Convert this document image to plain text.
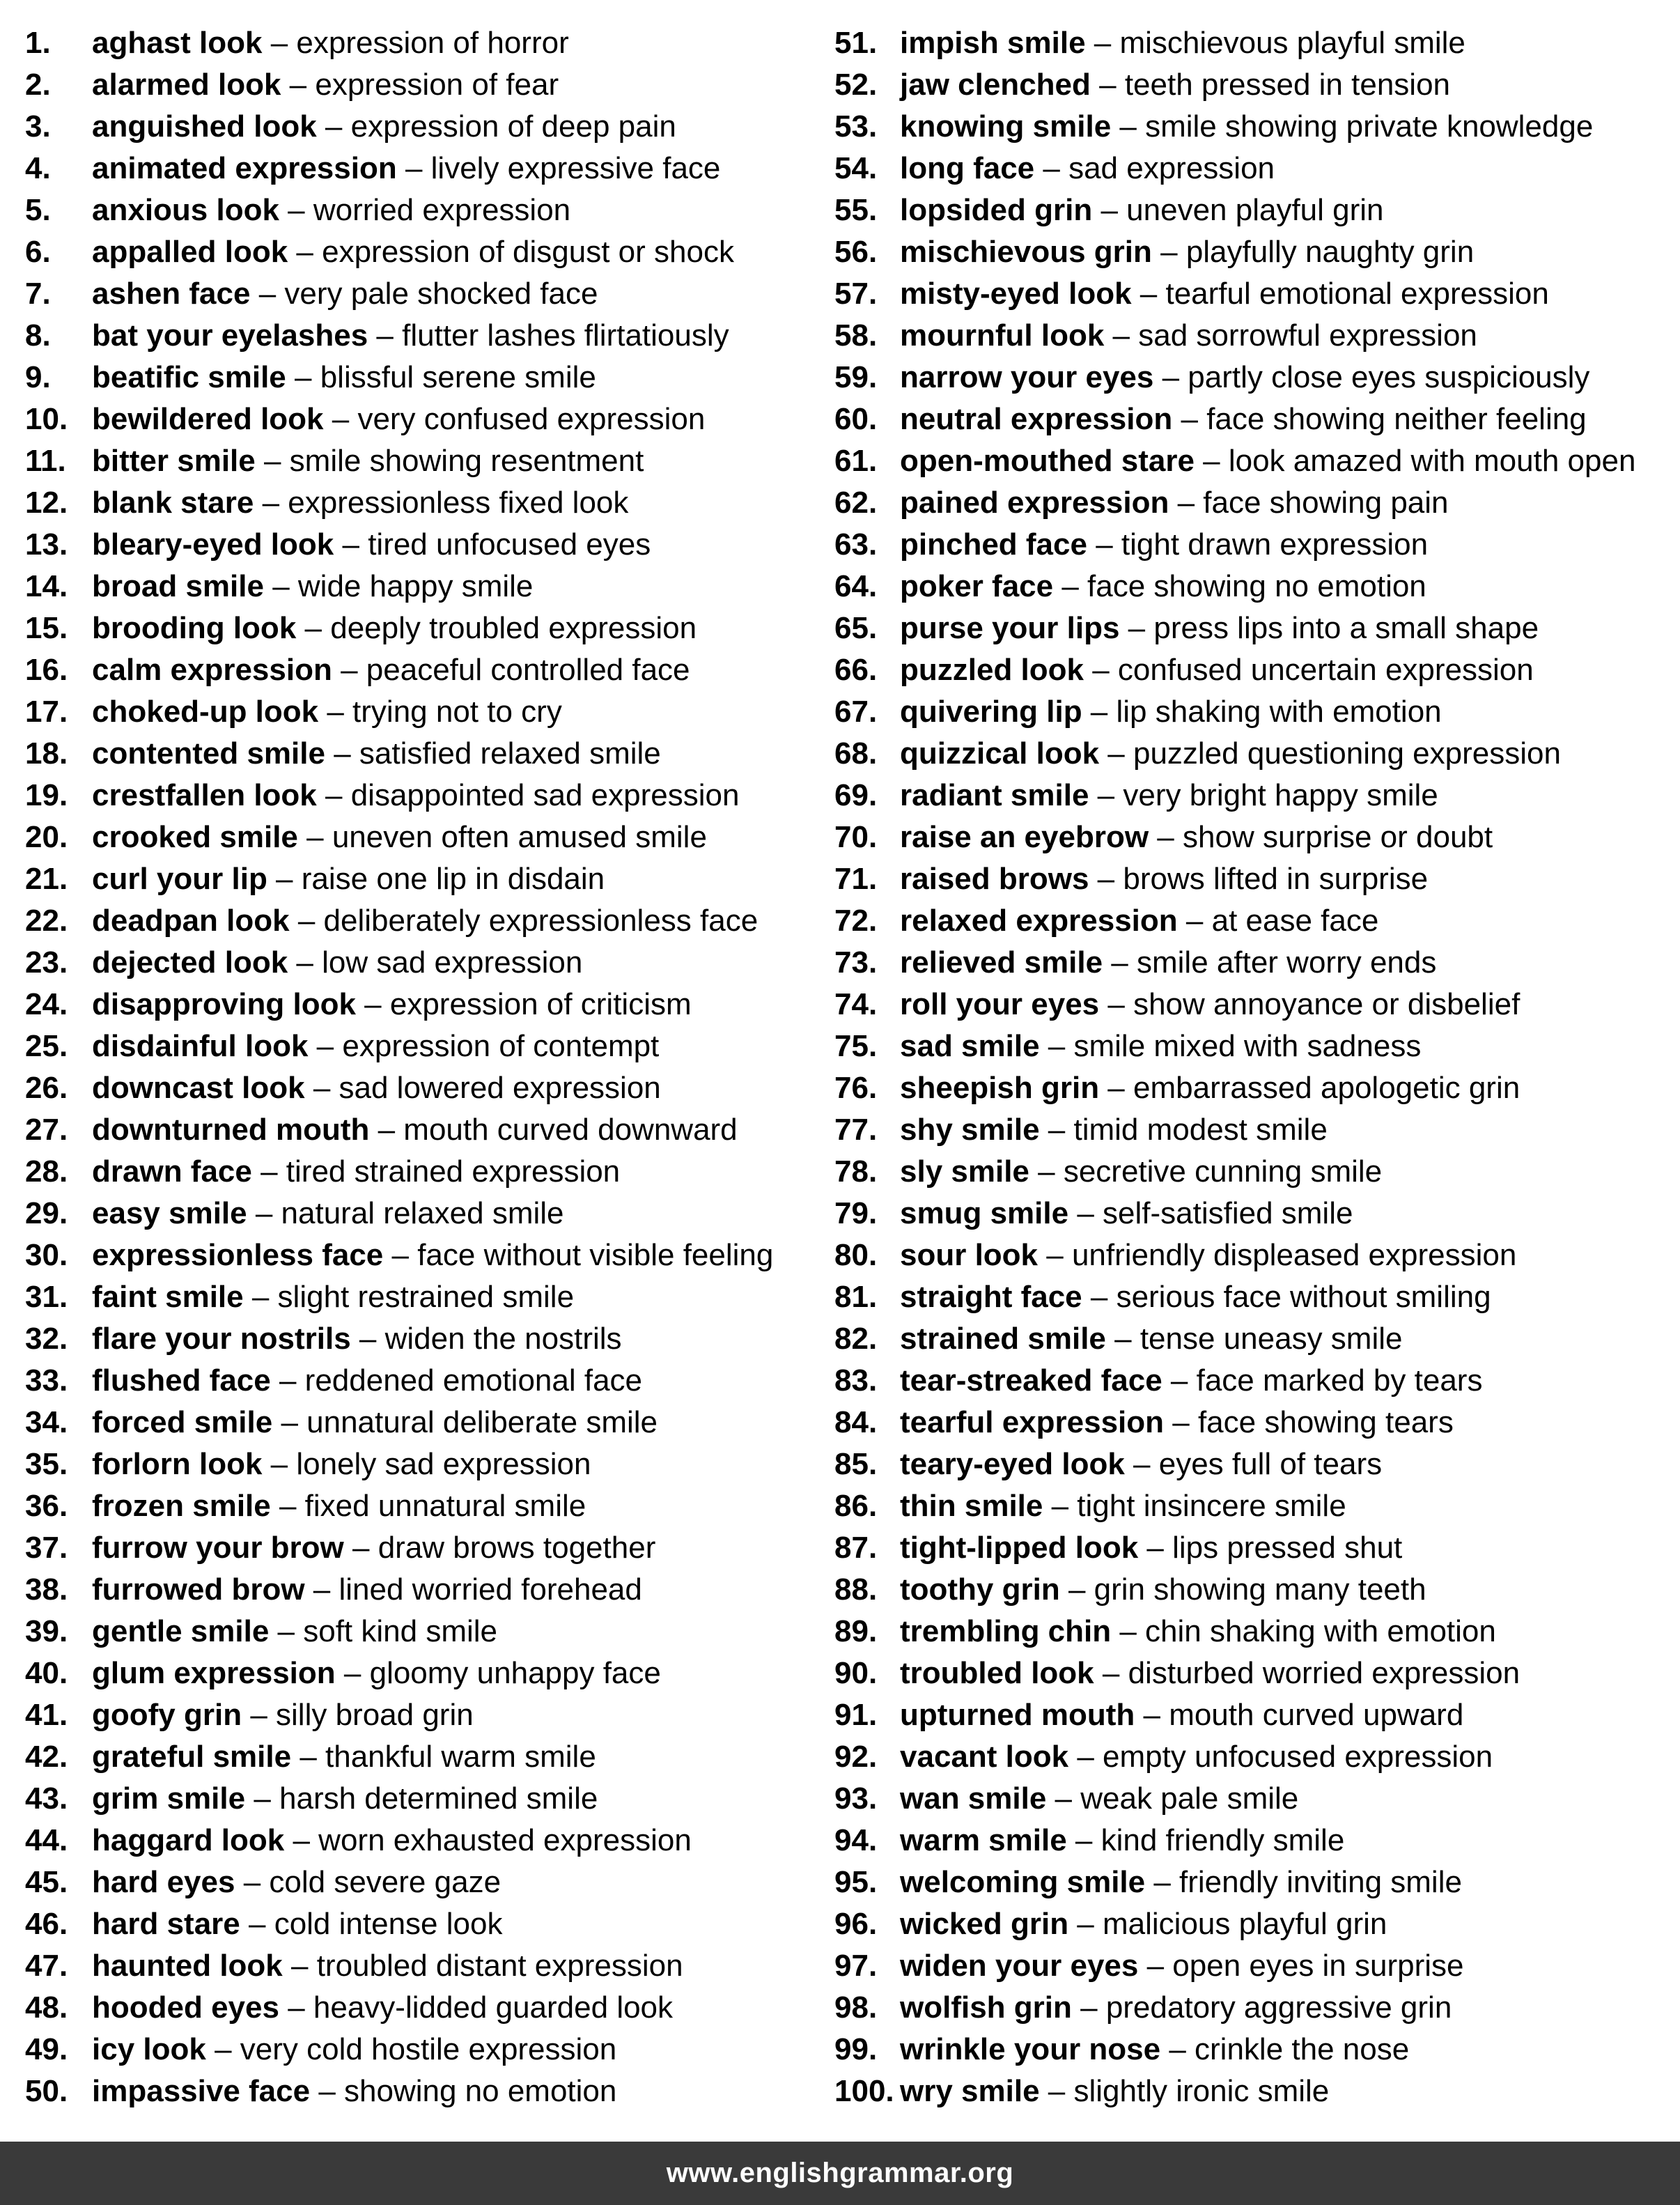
1.	aghast look – expression of horror
2.	alarmed look – expression of fear
3.	anguished look – expression of deep pain
4.	animated expression – lively expressive face
5.	anxious look – worried expression
6.	appalled look – expression of disgust or shock
7.	ashen face – very pale shocked face
8.	bat your eyelashes – flutter lashes flirtatiously
9.	beatific smile – blissful serene smile
10. bewildered look – very confused expression
11. bitter smile – smile showing resentment
12. blank stare – expressionless fixed look
13. bleary-eyed look – tired unfocused eyes
14. broad smile – wide happy smile
15. brooding look – deeply troubled expression
16. calm expression – peaceful controlled face
17. choked-up look – trying not to cry
18. contented smile – satisfied relaxed smile
19. crestfallen look – disappointed sad expression
20. crooked smile – uneven often amused smile
21. curl your lip – raise one lip in disdain
22. deadpan look – deliberately expressionless face
23. dejected look – low sad expression
24. disapproving look – expression of criticism
25. disdainful look – expression of contempt
26. downcast look – sad lowered expression
27. downturned mouth – mouth curved downward
28. drawn face – tired strained expression
29. easy smile – natural relaxed smile
30. expressionless face – face without visible feeling
31. faint smile – slight restrained smile
32. flare your nostrils – widen the nostrils
33. flushed face – reddened emotional face
34. forced smile – unnatural deliberate smile
35. forlorn look – lonely sad expression
36. frozen smile – fixed unnatural smile
37. furrow your brow – draw brows together
38. furrowed brow – lined worried forehead
39. gentle smile – soft kind smile
40. glum expression – gloomy unhappy face
41. goofy grin – silly broad grin
42. grateful smile – thankful warm smile
43. grim smile – harsh determined smile
44. haggard look – worn exhausted expression
45. hard eyes – cold severe gaze
46. hard stare – cold intense look
47. haunted look – troubled distant expression
48. hooded eyes – heavy-lidded guarded look
49. icy look – very cold hostile expression
50. impassive face – showing no emotion
51. impish smile – mischievous playful smile
52. jaw clenched – teeth pressed in tension
53. knowing smile – smile showing private knowledge
54. long face – sad expression
55. lopsided grin – uneven playful grin
56. mischievous grin – playfully naughty grin
57. misty-eyed look – tearful emotional expression
58. mournful look – sad sorrowful expression
59. narrow your eyes – partly close eyes suspiciously
60. neutral expression – face showing neither feeling
61. open-mouthed stare – look amazed with mouth open
62. pained expression – face showing pain
63. pinched face – tight drawn expression
64. poker face – face showing no emotion
65. purse your lips – press lips into a small shape
66. puzzled look – confused uncertain expression
67. quivering lip – lip shaking with emotion
68. quizzical look – puzzled questioning expression
69. radiant smile – very bright happy smile
70. raise an eyebrow – show surprise or doubt
71. raised brows – brows lifted in surprise
72. relaxed expression – at ease face
73. relieved smile – smile after worry ends
74. roll your eyes – show annoyance or disbelief
75. sad smile – smile mixed with sadness
76. sheepish grin – embarrassed apologetic grin
77. shy smile – timid modest smile
78. sly smile – secretive cunning smile
79. smug smile – self-satisfied smile
80. sour look – unfriendly displeased expression
81. straight face – serious face without smiling
82. strained smile – tense uneasy smile
83. tear-streaked face – face marked by tears
84. tearful expression – face showing tears
85. teary-eyed look – eyes full of tears
86. thin smile – tight insincere smile
87. tight-lipped look – lips pressed shut
88. toothy grin – grin showing many teeth
89. trembling chin – chin shaking with emotion
90. troubled look – disturbed worried expression
91. upturned mouth – mouth curved upward
92. vacant look – empty unfocused expression
93. wan smile – weak pale smile
94. warm smile – kind friendly smile
95. welcoming smile – friendly inviting smile
96. wicked grin – malicious playful grin
97. widen your eyes – open eyes in surprise
98. wolfish grin – predatory aggressive grin
99. wrinkle your nose – crinkle the nose
100. wry smile – slightly ironic smile
www.englishgrammar.org
